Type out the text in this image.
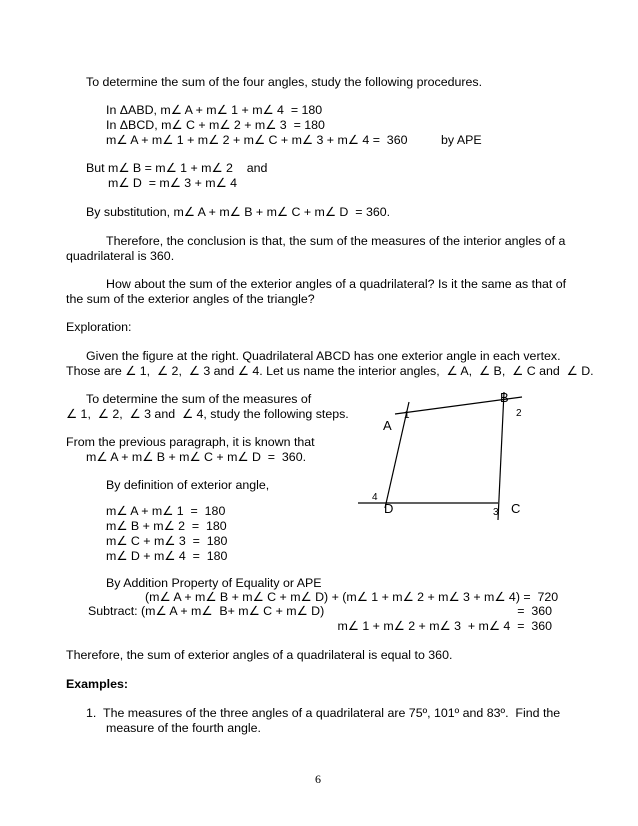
To determine the sum of the four angles, study the following procedures.
In ΔABD, m∠ A + m∠ 1 + m∠ 4  = 180
In ΔBCD, m∠ C + m∠ 2 + m∠ 3  = 180
m∠ A + m∠ 1 + m∠ 2 + m∠ C + m∠ 3 + m∠ 4 =  360	by APE
But m∠ B = m∠ 1 + m∠ 2    and
m∠ D  = m∠ 3 + m∠ 4
By substitution, m∠ A + m∠ B + m∠ C + m∠ D  = 360.
Therefore, the conclusion is that, the sum of the measures of the interior angles of a
quadrilateral is 360.
How about the sum of the exterior angles of a quadrilateral? Is it the same as that of
the sum of the exterior angles of the triangle?
Exploration:
Given the figure at the right. Quadrilateral ABCD has one exterior angle in each vertex.
Those are ∠ 1,  ∠ 2,  ∠ 3 and ∠ 4. Let us name the interior angles,  ∠ A,  ∠ B,  ∠ C and  ∠ D.
To determine the sum of the measures of
∠ 1,  ∠ 2,  ∠ 3 and  ∠ 4, study the following steps.
From the previous paragraph, it is known that
m∠ A + m∠ B + m∠ C + m∠ D  =  360.
By definition of exterior angle,
m∠ A + m∠ 1  =  180
m∠ B + m∠ 2  =  180
m∠ C + m∠ 3  =  180
m∠ D + m∠ 4  =  180
By Addition Property of Equality or APE
(m∠ A + m∠ B + m∠ C + m∠ D) + (m∠ 1 + m∠ 2 + m∠ 3 + m∠ 4) =  720
Subtract: (m∠ A + m∠  B+ m∠ C + m∠ D)	=  360
m∠ 1 + m∠ 2 + m∠ 3  + m∠ 4  =  360
Therefore, the sum of exterior angles of a quadrilateral is equal to 360.
Examples:
1.  The measures of the three angles of a quadrilateral are 75º, 101º and 83º.  Find the
measure of the fourth angle.
6
A
B
C
D
1	2
3
4
